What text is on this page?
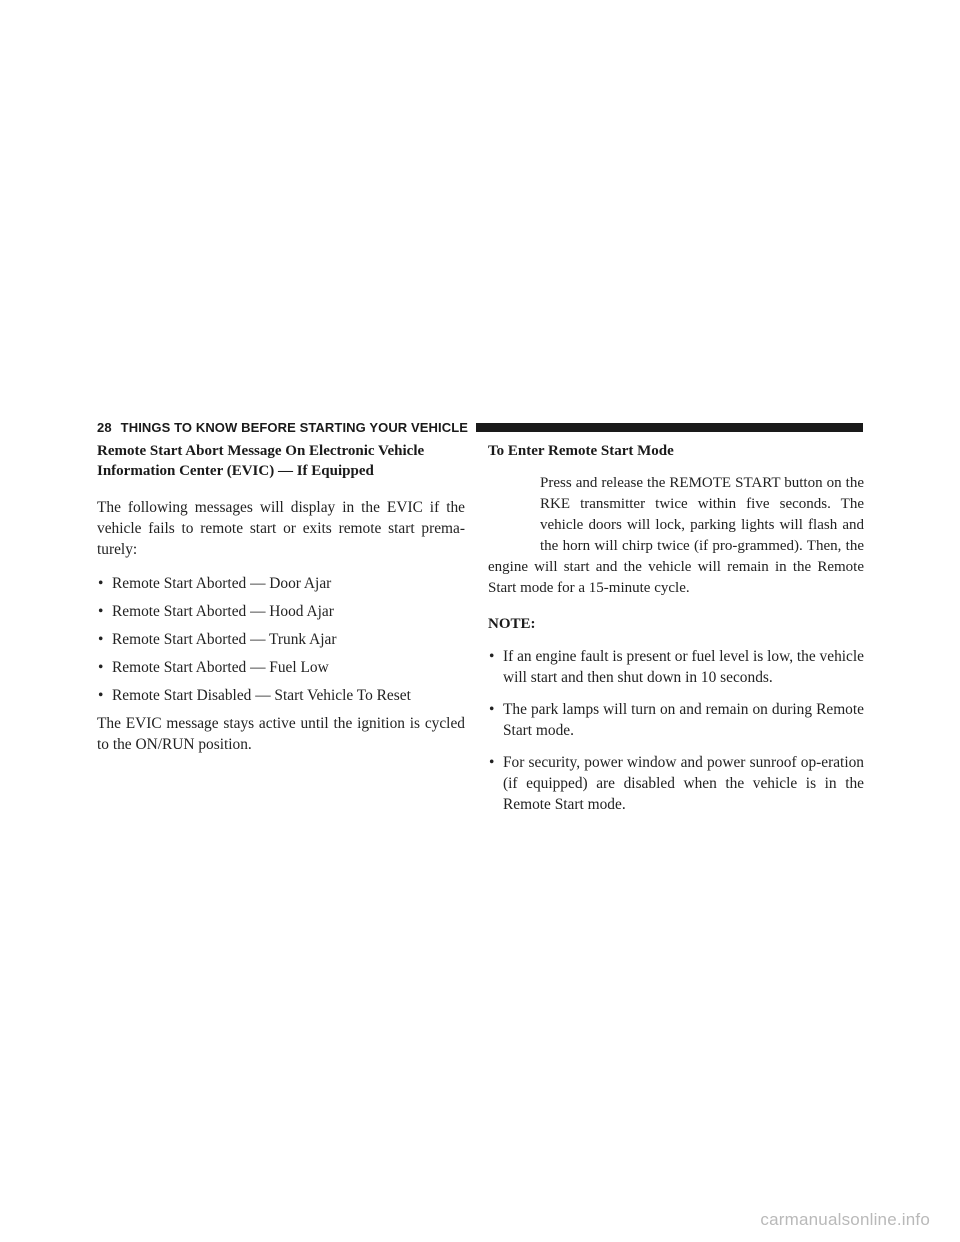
28 THINGS TO KNOW BEFORE STARTING YOUR VEHICLE
Remote Start Abort Message On Electronic Vehicle Information Center (EVIC) — If Equipped

The following messages will display in the EVIC if the vehicle fails to remote start or exits remote start prema-turely:

• Remote Start Aborted — Door Ajar
• Remote Start Aborted — Hood Ajar
• Remote Start Aborted — Trunk Ajar
• Remote Start Aborted — Fuel Low
• Remote Start Disabled — Start Vehicle To Reset

The EVIC message stays active until the ignition is cycled to the ON/RUN position.

To Enter Remote Start Mode

Press and release the REMOTE START button on the RKE transmitter twice within five seconds. The vehicle doors will lock, parking lights will flash and the horn will chirp twice (if pro-grammed). Then, the engine will start and the vehicle will remain in the Remote Start mode for a 15-minute cycle.

NOTE:
• If an engine fault is present or fuel level is low, the vehicle will start and then shut down in 10 seconds.
• The park lamps will turn on and remain on during Remote Start mode.
• For security, power window and power sunroof op-eration (if equipped) are disabled when the vehicle is in the Remote Start mode.
carmanualsonline.info
